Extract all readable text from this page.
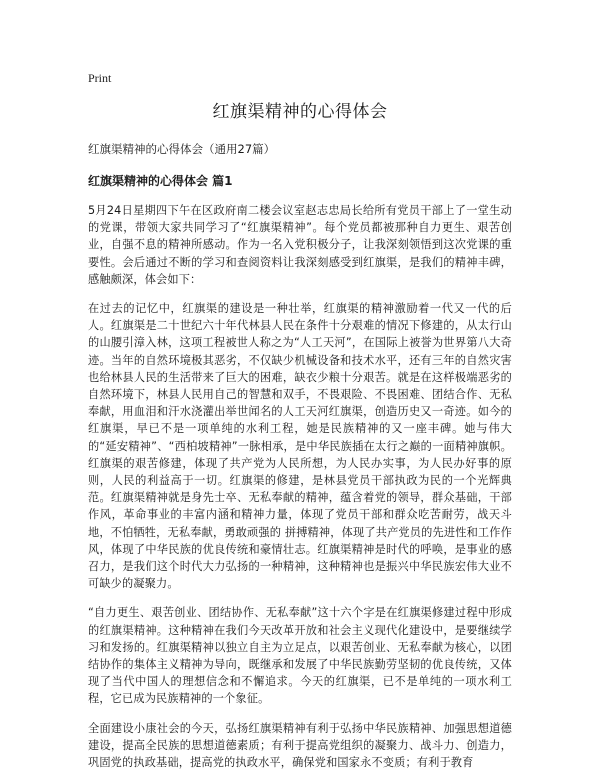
Print
红旗渠精神的心得体会
红旗渠精神的心得体会（通用27篇）
红旗渠精神的心得体会 篇1

5月24日星期四下午在区政府南二楼会议室赵志忠局长给所有党员干部上了一堂生动的党课，带领大家共同学习了“红旗渠精神”。每个党员都被那种自力更生、艰苦创业，自强不息的精神所感动。作为一名入党积极分子，让我深刻领悟到这次党课的重要性。会后通过不断的学习和查阅资料让我深刻感受到红旗渠，是我们的精神丰碑，感触颇深，体会如下：

在过去的记忆中，红旗渠的建设是一种壮举，红旗渠的精神激励着一代又一代的后人。红旗渠是二十世纪六十年代林县人民在条件十分艰难的情况下修建的，从太行山的山腰引漳入林，这项工程被世人称之为“人工天河”，在国际上被誉为世界第八大奇迹。当年的自然环境极其恶劣，不仅缺少机械设备和技术水平，还有三年的自然灾害也给林县人民的生活带来了巨大的困难，缺衣少粮十分艰苦。就是在这样极端恶劣的自然环境下，林县人民用自己的智慧和双手，不畏艰险、不畏困难、团结合作、无私奉献，用血泪和汗水浇灌出举世闻名的人工天河红旗渠，创造历史又一奇迹。如今的红旗渠，早已不是一项单纯的水利工程，她是民族精神的又一座丰碑。她与伟大的“延安精神”、“西柏坡精神”一脉相承，是中华民族插在太行之巅的一面精神旗帜。红旗渠的艰苦修建，体现了共产党为人民所想，为人民办实事，为人民办好事的原则，人民的利益高于一切。红旗渠的修建，是林县党员干部执政为民的一个光辉典范。红旗渠精神就是身先士卒、无私奉献的精神，蕴含着党的领导，群众基础，干部作风，革命事业的丰富内涵和精神力量，体现了党员干部和群众吃苦耐劳，战天斗地，不怕牺牲，无私奉献，勇敢顽强的 拼搏精神，体现了共产党员的先进性和工作作风，体现了中华民族的优良传统和豪情壮志。红旗渠精神是时代的呼唤，是事业的感召力，是我们这个时代大力弘扬的一种精神，这种精神也是振兴中华民族宏伟大业不可缺少的凝聚力。

“自力更生、艰苦创业、团结协作、无私奉献”这十六个字是在红旗渠修建过程中形成的红旗渠精神。这种精神在我们今天改革开放和社会主义现代化建设中，是要继续学习和发扬的。红旗渠精神以独立自主为立足点，以艰苦创业、无私奉献为核心，以团结协作的集体主义精神为导向，既继承和发展了中华民族勤劳坚韧的优良传统，又体现了当代中国人的理想信念和不懈追求。今天的红旗渠，已不是单纯的一项水利工程，它已成为民族精神的一个象征。

全面建设小康社会的今天，弘扬红旗渠精神有利于弘扬中华民族精神、加强思想道德建设，提高全民族的思想道德素质；有利于提高党组织的凝聚力、战斗力、创造力，巩固党的执政基础，提高党的执政水平，确保党和国家永不变质；有利于教育
